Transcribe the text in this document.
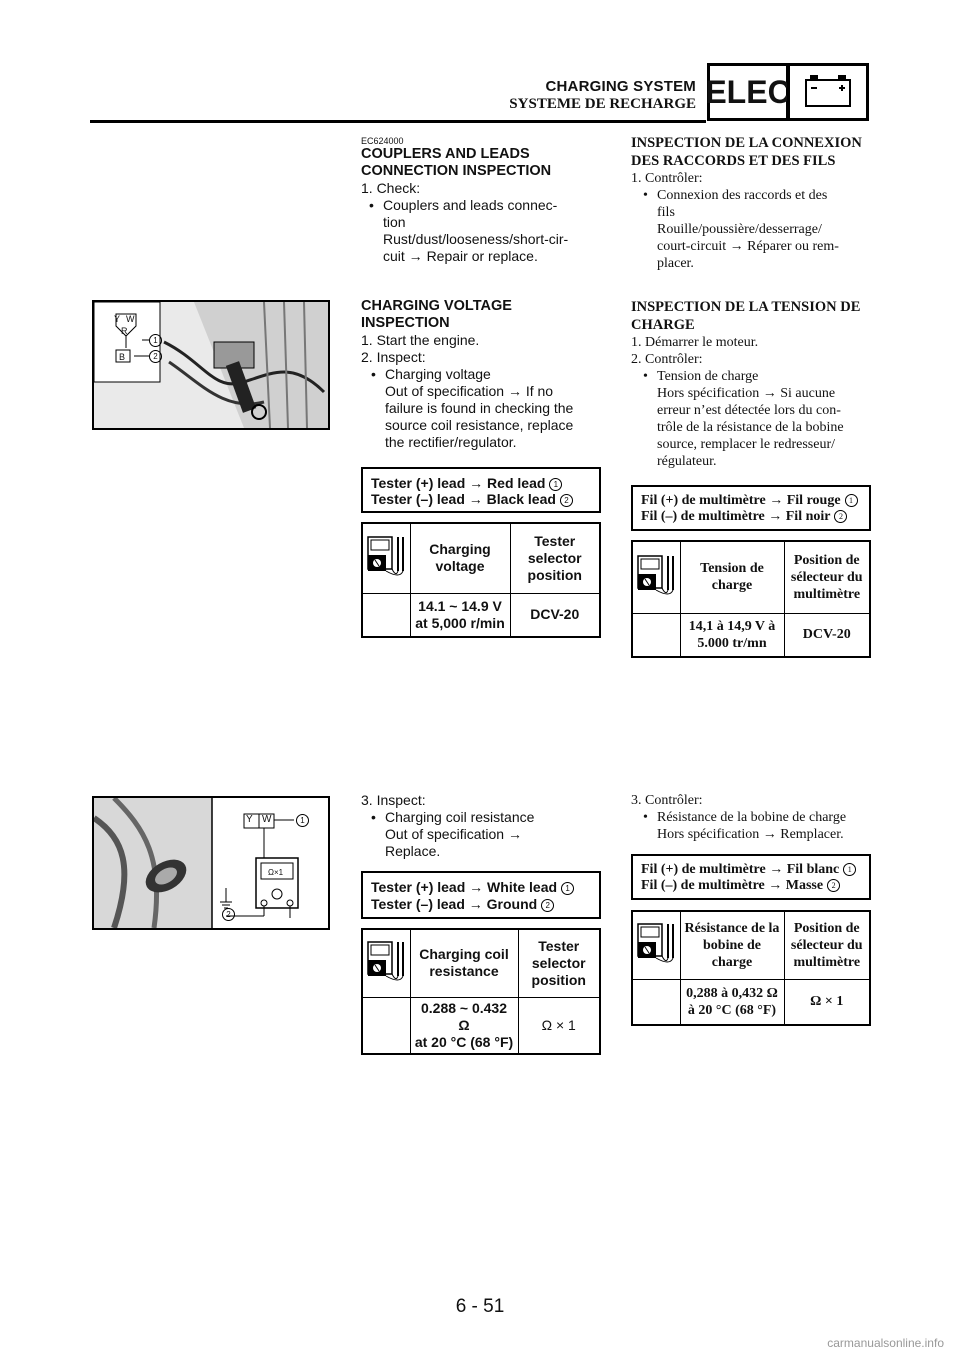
CHARGING SYSTEM
SYSTEME DE RECHARGE ELEC
EC624000
COUPLERS AND LEADS
CONNECTION INSPECTION
1. Check:
• Couplers and leads connec-
tion
Rust/dust/looseness/short-cir-
cuit → Repair or replace.
INSPECTION DE LA CONNEXION
DES RACCORDS ET DES FILS
1. Contrôler:
• Connexion des raccords et des
fils
Rouille/poussière/desserrage/
court-circuit → Réparer ou rem-
placer.
Y W
R
B
1
2
CHARGING VOLTAGE
INSPECTION
1. Start the engine.
2. Inspect:
• Charging voltage
Out of specification → If no
failure is found in checking the
source coil resistance, replace
the rectifier/regulator.
Tester (+) lead → Red lead 1
Tester (–) lead → Black lead 2
	Charging voltage	Tester selector position

	14.1 ~ 14.9 V
at 5,000 r/min	DCV-20
INSPECTION DE LA TENSION DE
CHARGE
1. Démarrer le moteur.
2. Contrôler:
• Tension de charge
Hors spécification → Si aucune
erreur n’est détectée lors du con-
trôle de la résistance de la bobine
source, remplacer le redresseur/
régulateur.
Fil (+) de multimètre → Fil rouge 1
Fil (–) de multimètre → Fil noir 2
	Tension de charge	Position de sélecteur du multimètre

	14,1 à 14,9 V à
5.000 tr/mn	DCV-20
Y W
Ω×1
1
2
3. Inspect:
• Charging coil resistance
Out of specification →
Replace.
Tester (+) lead → White lead 1
Tester (–) lead → Ground 2
	Charging coil resistance	Tester selector position

	0.288 ~ 0.432 Ω
at 20 °C (68 °F)	Ω × 1
3. Contrôler:
• Résistance de la bobine de charge
Hors spécification → Remplacer.
Fil (+) de multimètre → Fil blanc 1
Fil (–) de multimètre → Masse 2
	Résistance de la bobine de charge	Position de sélecteur du multimètre

	0,288 à 0,432 Ω
à 20 °C (68 °F)	Ω × 1
6 - 51
carmanualsonline.info
